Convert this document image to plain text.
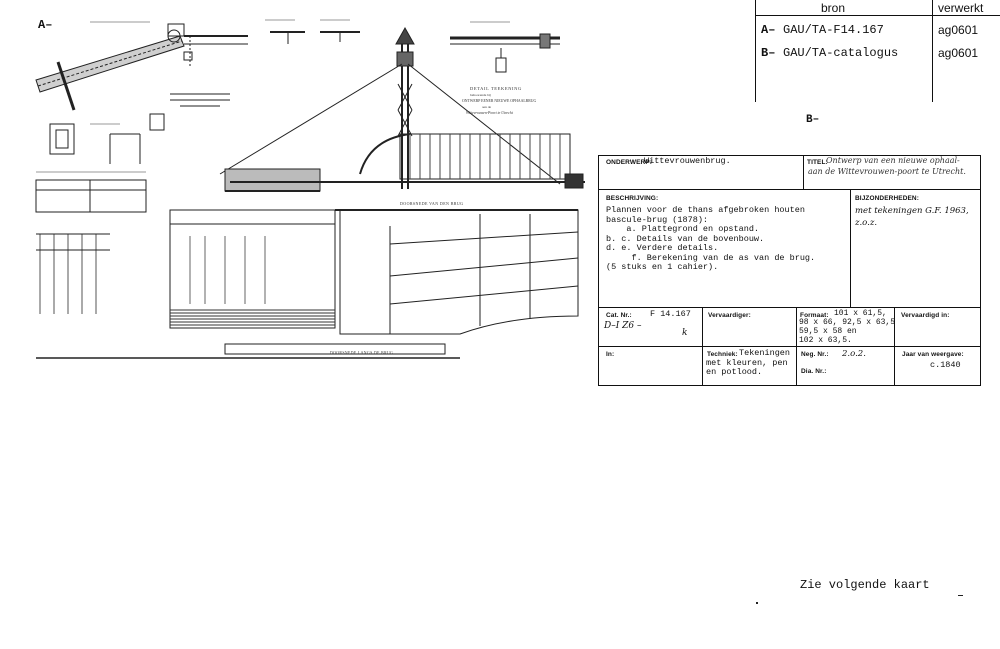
A–
DETAIL TEEKENING
behoorende bij
ONTWERP EENER NIEUWE OPHAALBRUG
aan de
Wittevrouwen-Poort te Utrecht
DOORSNEDE VAN DEN BRUG
DOORSNEDE LANGS DE BRUG
bron	verwerkt
A– GAU/TA-F14.167	ag0601
B– GAU/TA-catalogus	ag0601
B–
ONDERWERP:
Wittevrouwenbrug.	TITEL:
Ontwerp van een nieuwe ophaal-
aan de Wittevrouwen-poort te Utrecht.
BESCHRIJVING:
Plannen voor de thans afgebroken houten
bascule-brug (1878):
a. Plattegrond en opstand.
b. c. Details van de bovenbouw.
d. e. Verdere details.
f. Berekening van de as van de brug.
(5 stuks en 1 cahier).
BIJZONDERHEDEN:
met tekeningen G.F. 1963,
z.o.z.
Cat. Nr.: F 14.167
D–I Z6 –
k
Vervaardiger:	Formaat: 101 x 61,5,
98 x 66, 92,5 x 63,5
59,5 x 58 en
102 x 63,5.
Vervaardigd in:
In:	Techniek: Tekeningen
met kleuren, pen
en potlood.
Neg. Nr.: 2.o.2.
Dia. Nr.:
Jaar van weergave:
c.1840
Zie volgende kaart
